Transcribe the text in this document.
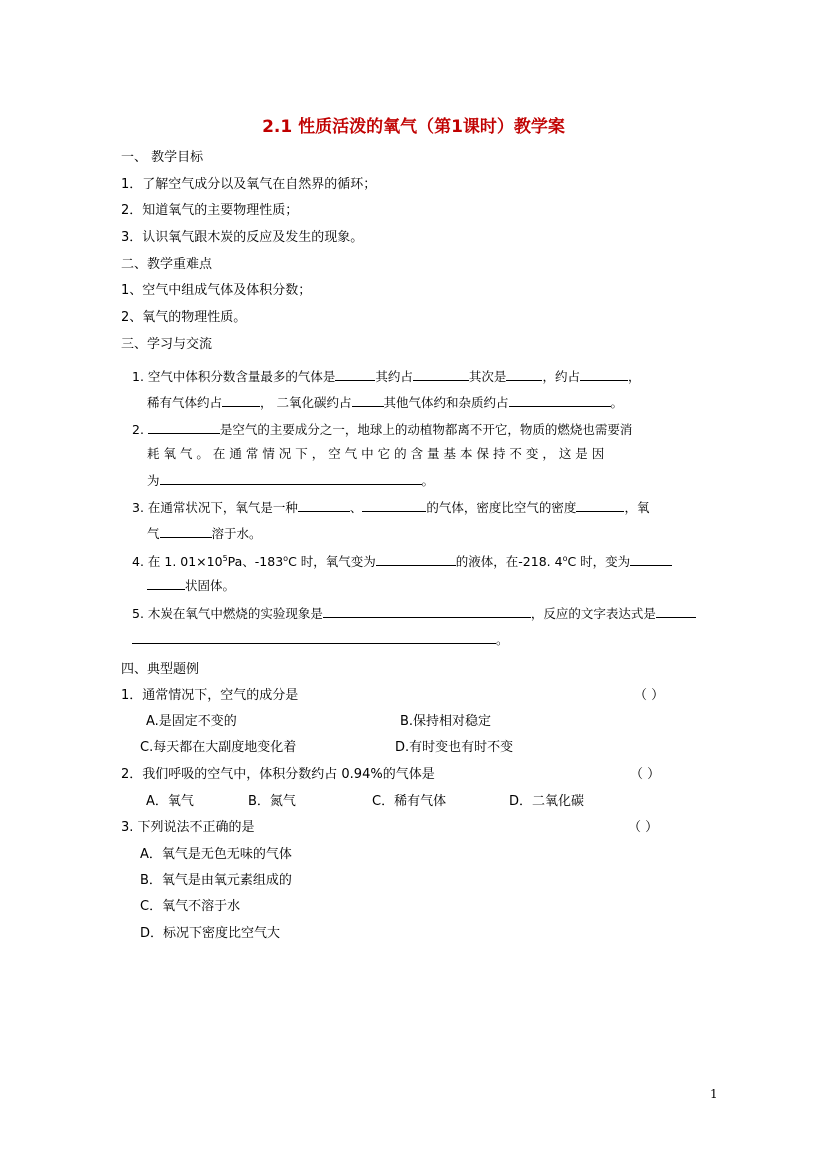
2.1 性质活泼的氧气（第1课时）教学案
一、 教学目标
1．了解空气成分以及氧气在自然界的循环；
2．知道氧气的主要物理性质；
3．认识氧气跟木炭的反应及发生的现象。
二、教学重难点
1、空气中组成气体及体积分数；
2、氧气的物理性质。
三、学习与交流
1. 空气中体积分数含量最多的气体是	其约占	其次是	，约占	，
稀有气体约占	， 二氧化碳约占	其他气体约和杂质约占	。
2.	是空气的主要成分之一，地球上的动植物都离不开它，物质的燃烧也需要消
耗 氧 气 。 在 通 常 情 况 下 ， 空 气 中 它 的 含 量 基 本 保 持 不 变 ， 这 是 因
为	。
3. 在通常状况下，氧气是一种	、	的气体，密度比空气的密度	，氧
气	溶于水。
4. 在 1. $01\times 10^5Pa$、-183$^o$C 时，氧气变为	的液体，在-218. 4$^o$C 时，变为
状固体。
5. 木炭在氧气中燃烧的实验现象是	，反应的文字表达式是
。
四、典型题例
1．通常情况下，空气的成分是	（ ）
A.是固定不变的	B.保持相对稳定
C.每天都在大副度地变化着	D.有时变也有时不变
2．我们呼吸的空气中，体积分数约占 0.94%的气体是	（ ）
A．氧气	B．氮气	C．稀有气体	D．二氧化碳
3. 下列说法不正确的是	（ ）
A．氧气是无色无味的气体
B．氧气是由氧元素组成的
C．氧气不溶于水
D．标况下密度比空气大
1
